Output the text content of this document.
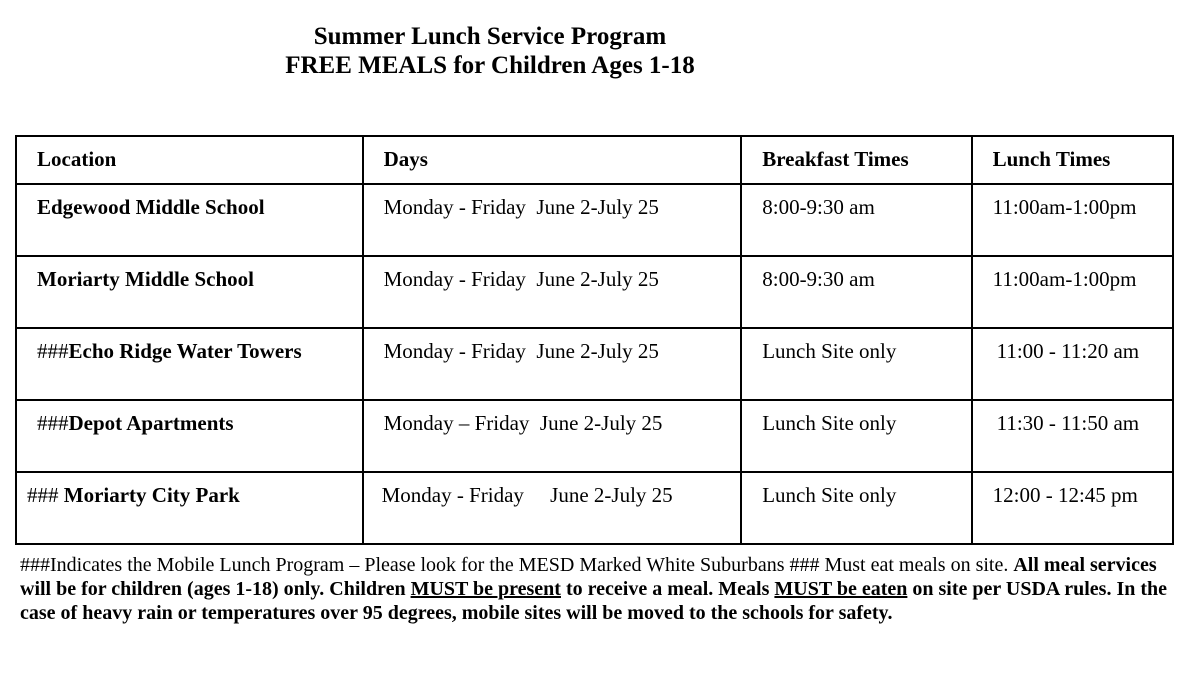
Summer Lunch Service Program
FREE MEALS for Children Ages 1-18
Location	Days	Breakfast Times	Lunch Times
Edgewood Middle School	Monday - Friday  June 2-July 25	8:00-9:30 am	11:00am-1:00pm
Moriarty Middle School	Monday - Friday  June 2-July 25	8:00-9:30 am	11:00am-1:00pm
###Echo Ridge Water Towers	Monday - Friday  June 2-July 25	Lunch Site only	11:00 - 11:20 am
###Depot Apartments	Monday – Friday  June 2-July 25	Lunch Site only	11:30 - 11:50 am
### Moriarty City Park	Monday - Friday     June 2-July 25	Lunch Site only	12:00 - 12:45 pm
###Indicates the Mobile Lunch Program – Please look for the MESD Marked White Suburbans ### Must eat meals on site. All meal services will be for children (ages 1-18) only. Children MUST be present to receive a meal. Meals MUST be eaten on site per USDA rules. In the case of heavy rain or temperatures over 95 degrees, mobile sites will be moved to the schools for safety.
